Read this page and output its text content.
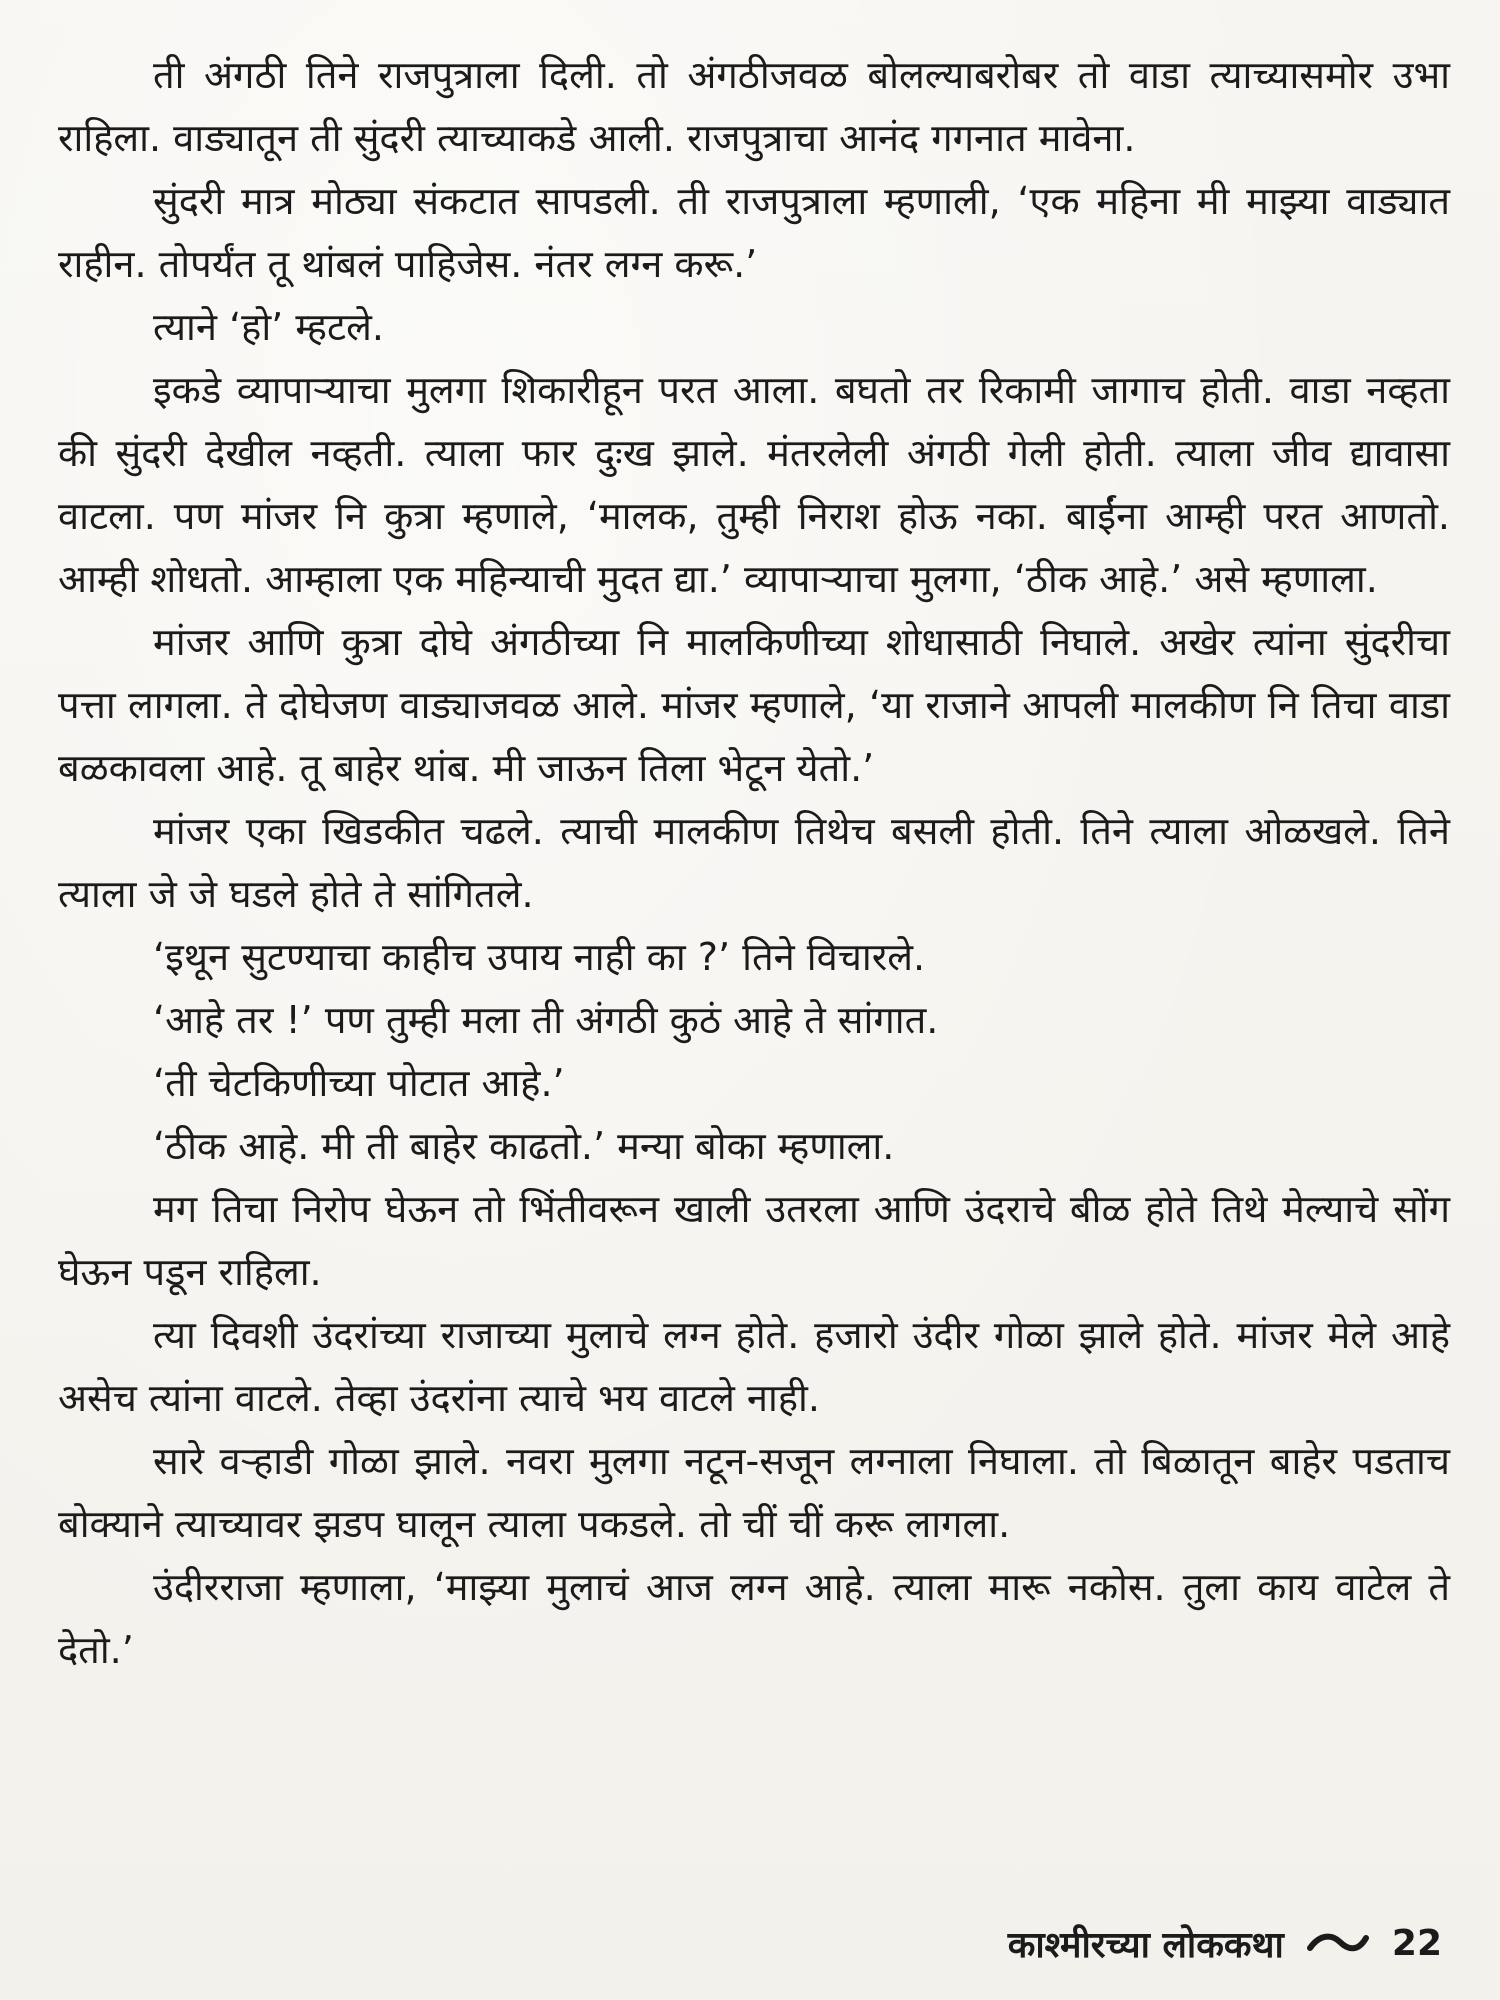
ती अंगठी तिने राजपुत्राला दिली. तो अंगठीजवळ बोलल्याबरोबर तो वाडा त्याच्यासमोर उभा राहिला. वाड्यातून ती सुंदरी त्याच्याकडे आली. राजपुत्राचा आनंद गगनात मावेना.

सुंदरी मात्र मोठ्या संकटात सापडली. ती राजपुत्राला म्हणाली, ‘एक महिना मी माझ्या वाड्यात राहीन. तोपर्यंत तू थांबलं पाहिजेस. नंतर लग्न करू.’

त्याने ‘हो’ म्हटले.

इकडे व्यापाऱ्याचा मुलगा शिकारीहून परत आला. बघतो तर रिकामी जागाच होती. वाडा नव्हता की सुंदरी देखील नव्हती. त्याला फार दुःख झाले. मंतरलेली अंगठी गेली होती. त्याला जीव द्यावासा वाटला. पण मांजर नि कुत्रा म्हणाले, ‘मालक, तुम्ही निराश होऊ नका. बाईंना आम्ही परत आणतो. आम्ही शोधतो. आम्हाला एक महिन्याची मुदत द्या.’ व्यापाऱ्याचा मुलगा, ‘ठीक आहे.’ असे म्हणाला.

मांजर आणि कुत्रा दोघे अंगठीच्या नि मालकिणीच्या शोधासाठी निघाले. अखेर त्यांना सुंदरीचा पत्ता लागला. ते दोघेजण वाड्याजवळ आले. मांजर म्हणाले, ‘या राजाने आपली मालकीण नि तिचा वाडा बळकावला आहे. तू बाहेर थांब. मी जाऊन तिला भेटून येतो.’

मांजर एका खिडकीत चढले. त्याची मालकीण तिथेच बसली होती. तिने त्याला ओळखले. तिने त्याला जे जे घडले होते ते सांगितले.

‘इथून सुटण्याचा काहीच उपाय नाही का ?’ तिने विचारले.

‘आहे तर !’ पण तुम्ही मला ती अंगठी कुठं आहे ते सांगात.

‘ती चेटकिणीच्या पोटात आहे.’

‘ठीक आहे. मी ती बाहेर काढतो.’ मन्या बोका म्हणाला.

मग तिचा निरोप घेऊन तो भिंतीवरून खाली उतरला आणि उंदराचे बीळ होते तिथे मेल्याचे सोंग घेऊन पडून राहिला.

त्या दिवशी उंदरांच्या राजाच्या मुलाचे लग्न होते. हजारो उंदीर गोळा झाले होते. मांजर मेले आहे असेच त्यांना वाटले. तेव्हा उंदरांना त्याचे भय वाटले नाही.

सारे वऱ्हाडी गोळा झाले. नवरा मुलगा नटून-सजून लग्नाला निघाला. तो बिळातून बाहेर पडताच बोक्याने त्याच्यावर झडप घालून त्याला पकडले. तो चीं चीं करू लागला.

उंदीरराजा म्हणाला, ‘माझ्या मुलाचं आज लग्न आहे. त्याला मारू नकोस. तुला काय वाटेल ते देतो.’

काश्मीरच्या लोककथा	22
